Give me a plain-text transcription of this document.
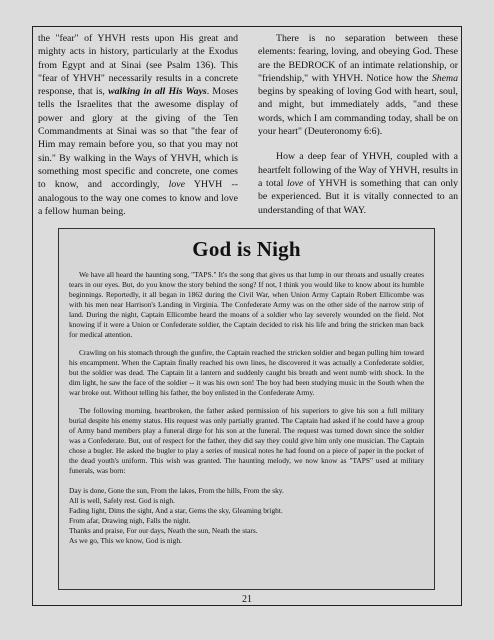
the "fear" of YHVH rests upon His great and mighty acts in history, particularly at the Exodus from Egypt and at Sinai (see Psalm 136). This "fear of YHVH" necessarily results in a concrete response, that is, walking in all His Ways. Moses tells the Israelites that the awesome display of power and glory at the giving of the Ten Commandments at Sinai was so that "the fear of Him may remain before you, so that you may not sin." By walking in the Ways of YHVH, which is something most specific and concrete, one comes to know, and accordingly, love YHVH -- analogous to the way one comes to know and love a fellow human being.

There is no separation between these elements: fearing, loving, and obeying God. These are the BEDROCK of an intimate relationship, or "friendship," with YHVH. Notice how the Shema begins by speaking of loving God with heart, soul, and might, but immediately adds, "and these words, which I am commanding today, shall be on your heart" (Deuteronomy 6:6).

How a deep fear of YHVH, coupled with a heartfelt following of the Way of YHVH, results in a total love of YHVH is something that can only be experienced. But it is vitally connected to an understanding of that WAY.

God is Nigh

We have all heard the haunting song, "TAPS." It's the song that gives us that lump in our throats and usually creates tears in our eyes. But, do you know the story behind the song? If not, I think you would like to know about its humble beginnings. Reportedly, it all began in 1862 during the Civil War, when Union Army Captain Robert Ellicombe was with his men near Harrison's Landing in Virginia. The Confederate Army was on the other side of the narrow strip of land. During the night, Captain Ellicombe heard the moans of a soldier who lay severely wounded on the field. Not knowing if it were a Union or Confederate soldier, the Captain decided to risk his life and bring the stricken man back for medical attention.

Crawling on his stomach through the gunfire, the Captain reached the stricken soldier and began pulling him toward his encampment. When the Captain finally reached his own lines, he discovered it was actually a Confederate soldier, but the soldier was dead. The Captain lit a lantern and suddenly caught his breath and went numb with shock. In the dim light, he saw the face of the soldier -- it was his own son! The boy had been studying music in the South when the war broke out. Without telling his father, the boy enlisted in the Confederate Army.

The following morning, heartbroken, the father asked permission of his superiors to give his son a full military burial despite his enemy status. His request was only partially granted. The Captain had asked if he could have a group of Army band members play a funeral dirge for his son at the funeral. The request was turned down since the soldier was a Confederate. But, out of respect for the father, they did say they could give him only one musician. The Captain chose a bugler. He asked the bugler to play a series of musical notes he had found on a piece of paper in the pocket of the dead youth's uniform. This wish was granted. The haunting melody, we now know as "TAPS" used at military funerals, was born:

Day is done, Gone the sun, From the lakes, From the hills, From the sky.
All is well, Safely rest. God is nigh.
Fading light, Dims the sight, And a star, Gems the sky, Gleaming bright.
From afar, Drawing nigh, Falls the night.
Thanks and praise, For our days, Neath the sun, Neath the stars.
As we go, This we know, God is nigh.
21
